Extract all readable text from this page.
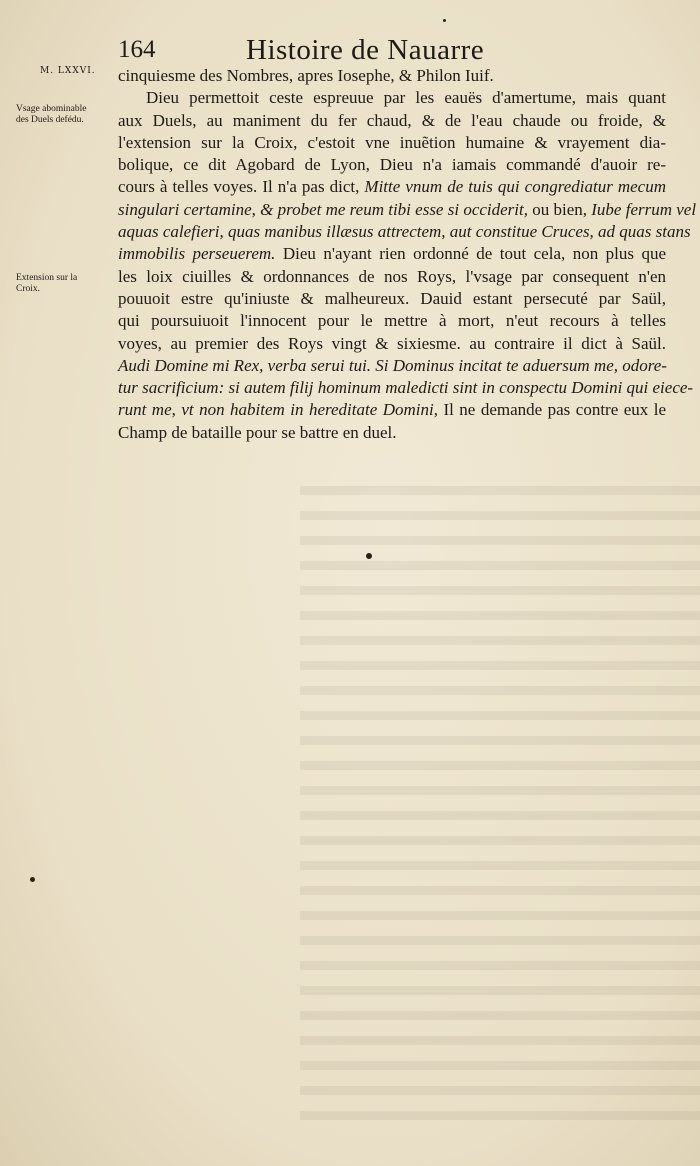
164	Histoire de Nauarre
M. LXXVI.
Vsage abominable
des Duels defédu.
Extension sur la
Croix.
cinquiesme des Nombres, apres Iosephe, & Philon Iuif.
Dieu permettoit ceste espreuue par les eauës d'amertume, mais quant
aux Duels, au maniment du fer chaud, & de l'eau chaude ou froide, &
l'extension sur la Croix, c'estoit vne inuẽtion humaine & vrayement dia-
bolique, ce dit Agobard de Lyon, Dieu n'a iamais commandé d'auoir re-
cours à telles voyes. Il n'a pas dict, Mitte vnum de tuis qui congrediatur mecum
singulari certamine, & probet me reum tibi esse si occiderit, ou bien, Iube ferrum vel
aquas calefieri, quas manibus illæsus attrectem, aut constitue Cruces, ad quas stans
immobilis perseuerem. Dieu n'ayant rien ordonné de tout cela, non plus que
les loix ciuilles & ordonnances de nos Roys, l'vsage par consequent n'en
pouuoit estre qu'iniuste & malheureux. Dauid estant persecuté par Saül,
qui poursuiuoit l'innocent pour le mettre à mort, n'eut recours à telles
voyes, au premier des Roys vingt & sixiesme. au contraire il dict à Saül.
Audi Domine mi Rex, verba serui tui. Si Dominus incitat te aduersum me, odore-
tur sacrificium: si autem filij hominum maledicti sint in conspectu Domini qui eiece-
runt me, vt non habitem in hereditate Domini, Il ne demande pas contre eux le
Champ de bataille pour se battre en duel.
